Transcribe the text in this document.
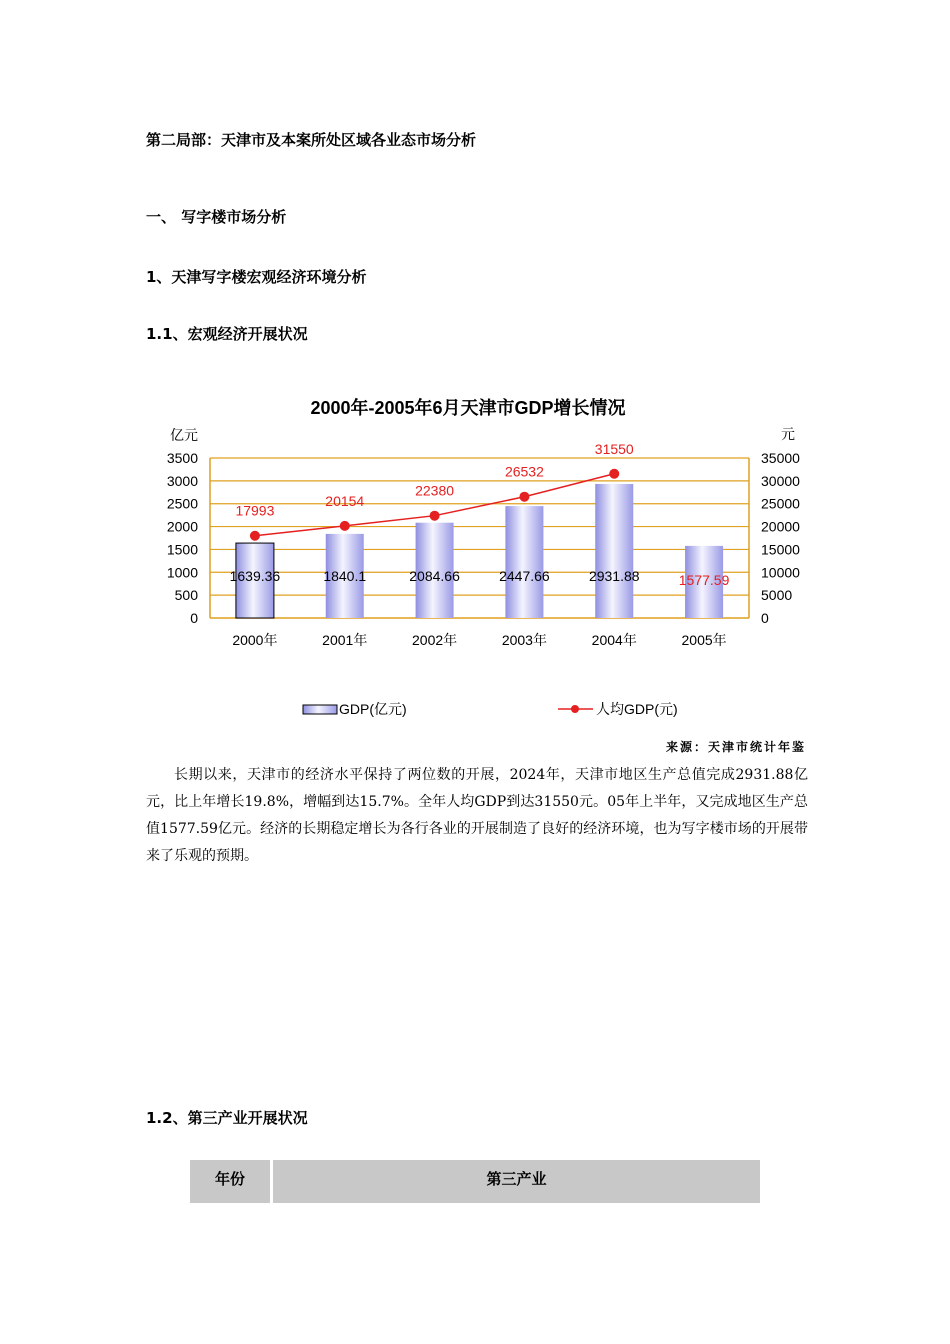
第二局部：天津市及本案所处区域各业态市场分析
一、 写字楼市场分析
1、天津写字楼宏观经济环境分析
1.1、宏观经济开展状况
2000年-2005年6月天津市GDP增长情况
亿元	元
0
500
1000
1500
2000
2500
3000
3500
0
5000
10000
15000
20000
25000
30000
35000
1639.36	1840.1	2084.66	2447.66	2931.88	1577.59
17993
20154
22380
26532
31550
2000年	2001年	2002年	2003年	2004年	2005年
GDP(亿元)	人均GDP(元)
来源：天津市统计年鉴
长期以来，天津市的经济水平保持了两位数的开展，2024年，天津市地区生产总值完成2931.88亿元，比上年增长19.8%，增幅到达15.7%。全年人均GDP到达31550元。05年上半年，又完成地区生产总值1577.59亿元。经济的长期稳定增长为各行各业的开展制造了良好的经济环境，也为写字楼市场的开展带来了乐观的预期。
1.2、第三产业开展状况
年份	第三产业
